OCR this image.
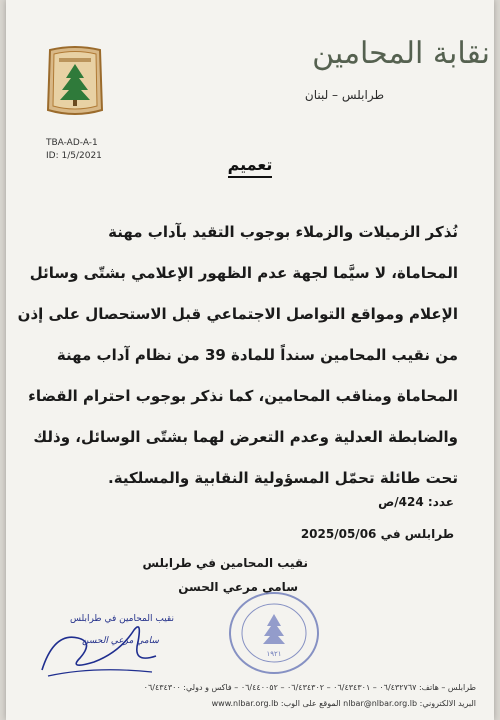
نقابة المحامين
طرابلس – لبنان
TBA-AD-A-1
ID: 1/5/2021	تعميم
نُذكر الزميلات والزملاء بوجوب التقيد بآداب مهنة
المحاماة، لا سيَّما لجهة عدم الظهور الإعلامي بشتّى وسائل
الإعلام ومواقع التواصل الاجتماعي قبل الاستحصال على إذن
من نقيب المحامين سنداً للمادة 39 من نظام آداب مهنة
المحاماة ومناقب المحامين، كما نذكر بوجوب احترام القضاء
والضابطة العدلية وعدم التعرض لهما بشتّى الوسائل، وذلك
تحت طائلة تحمّل المسؤولية النقابية والمسلكية.
عدد: 424/ص
طرابلس في 2025/05/06
نقيب المحامين في طرابلس
سامي مرعي الحسن
نقيب المحامين في طرابلس
سامي مرعي الحسن
١٩٢١
طرابلس – هاتف: ٠٦/٤٣٢٧٦٧ – ٠٦/٤٣٤٣٠١ – ٠٦/٤٣٤٣٠٢ – ٠٦/٤٤٠٠٥٢ – فاكس و دولي: ٠٦/٤٣٤٣٠٠
البريد الالكتروني: nlbar@nlbar.org.lb الموقع على الوب: www.nlbar.org.lb
